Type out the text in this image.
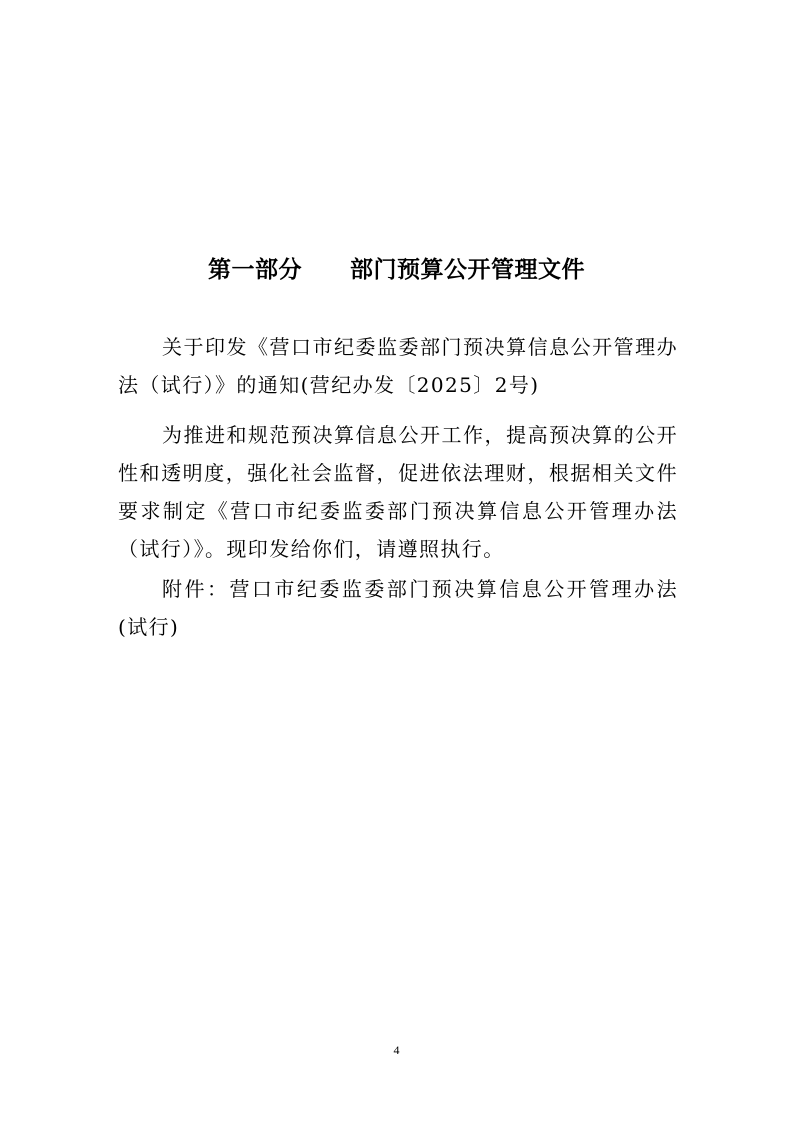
第一部分 部门预算公开管理文件

关于印发《营口市纪委监委部门预决算信息公开管理办法（试行）》的通知(营纪办发〔2025〕2号)

为推进和规范预决算信息公开工作，提高预决算的公开性和透明度，强化社会监督，促进依法理财，根据相关文件要求制定《营口市纪委监委部门预决算信息公开管理办法（试行）》。现印发给你们，请遵照执行。

附件：营口市纪委监委部门预决算信息公开管理办法(试行)

4
